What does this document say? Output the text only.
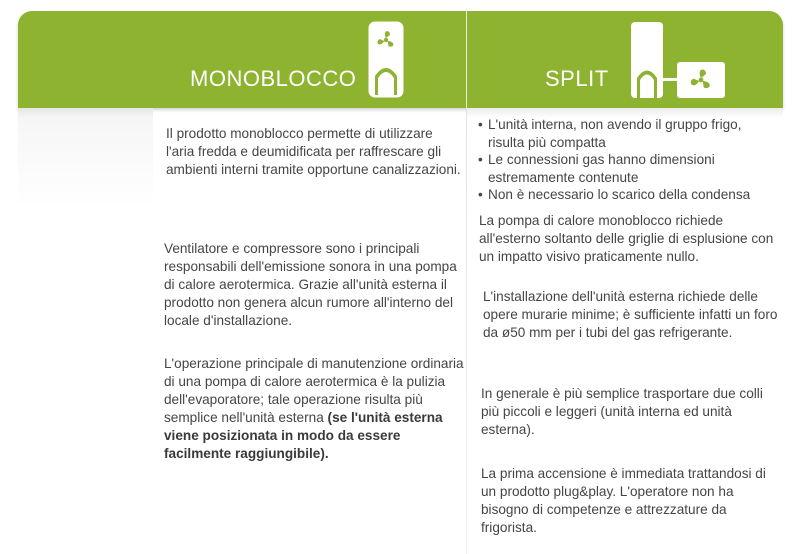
MONOBLOCCO	SPLIT

Il prodotto monoblocco permette di utilizzare l'aria fredda e deumidificata per raffrescare gli ambienti interni tramite opportune canalizzazioni.

Ventilatore e compressore sono i principali responsabili dell'emissione sonora in una pompa di calore aerotermica. Grazie all'unità esterna il prodotto non genera alcun rumore all'interno del locale d'installazione.

L'operazione principale di manutenzione ordinaria di una pompa di calore aerotermica è la pulizia dell'evaporatore; tale operazione risulta più semplice nell'unità esterna (se l'unità esterna viene posizionata in modo da essere facilmente raggiungibile).

• L'unità interna, non avendo il gruppo frigo, risulta più compatta
• Le connessioni gas hanno dimensioni estremamente contenute
• Non è necessario lo scarico della condensa

La pompa di calore monoblocco richiede all'esterno soltanto delle griglie di esplusione con un impatto visivo praticamente nullo.

L'installazione dell'unità esterna richiede delle opere murarie minime; è sufficiente infatti un foro da ø50 mm per i tubi del gas refrigerante.

In generale è più semplice trasportare due colli più piccoli e leggeri (unità interna ed unità esterna).

La prima accensione è immediata trattandosi di un prodotto plug&play. L'operatore non ha bisogno di competenze e attrezzature da frigorista.
